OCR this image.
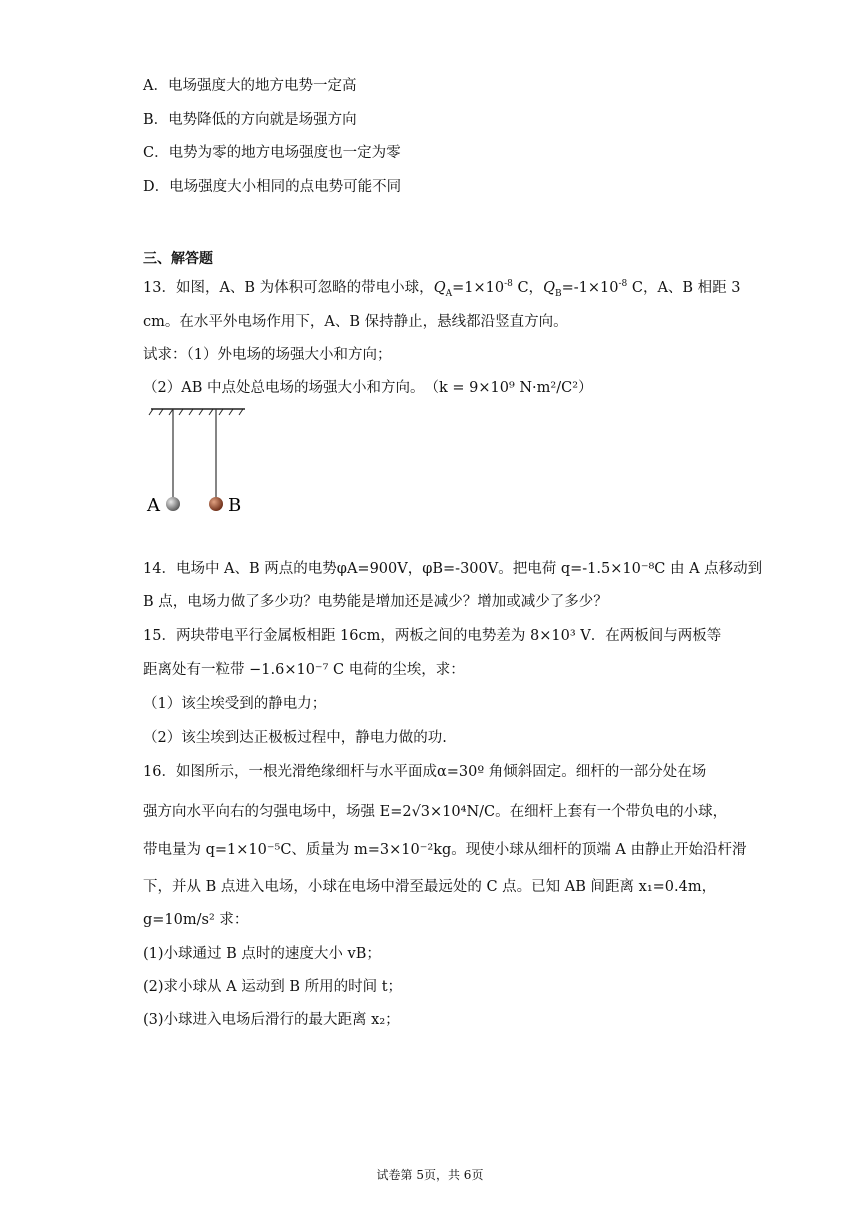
A．电场强度大的地方电势一定高
B．电势降低的方向就是场强方向
C．电势为零的地方电场强度也一定为零
D．电场强度大小相同的点电势可能不同
三、解答题
13．如图，A、B 为体积可忽略的带电小球，$Q_A=1\times 10^{-8}$ C，$Q_B=-1\times 10^{-8}$ C，A、B 相距 3
cm。在水平外电场作用下，A、B 保持静止，悬线都沿竖直方向。
试求：（1）外电场的场强大小和方向；
（2）AB 中点处总电场的场强大小和方向。　（k = 9×10⁹ N·m²/C²）
A	B
14．电场中 A、B 两点的电势φA=900V，φB=-300V。把电荷 q=-1.5×10⁻⁸C 由 A 点移动到
B 点，电场力做了多少功？电势能是增加还是减少？增加或减少了多少？
15．两块带电平行金属板相距 16cm，两板之间的电势差为 8×10³ V．在两板间与两板等
距离处有一粒带 −1.6×10⁻⁷ C 电荷的尘埃，求：
（1）该尘埃受到的静电力；
（2）该尘埃到达正极板过程中，静电力做的功.
16．如图所示，一根光滑绝缘细杆与水平面成α=30º 角倾斜固定。细杆的一部分处在场
强方向水平向右的匀强电场中，场强 E=2√3×10⁴N/C。在细杆上套有一个带负电的小球，
带电量为 q=1×10⁻⁵C、质量为 m=3×10⁻²kg。现使小球从细杆的顶端 A 由静止开始沿杆滑
下，并从 B 点进入电场，小球在电场中滑至最远处的 C 点。已知 AB 间距离 x₁=0.4m，
g=10m/s² 求：
(1)小球通过 B 点时的速度大小 vB；
(2)求小球从 A 运动到 B 所用的时间 t；
(3)小球进入电场后滑行的最大距离 x₂；
试卷第 5页，共 6页
